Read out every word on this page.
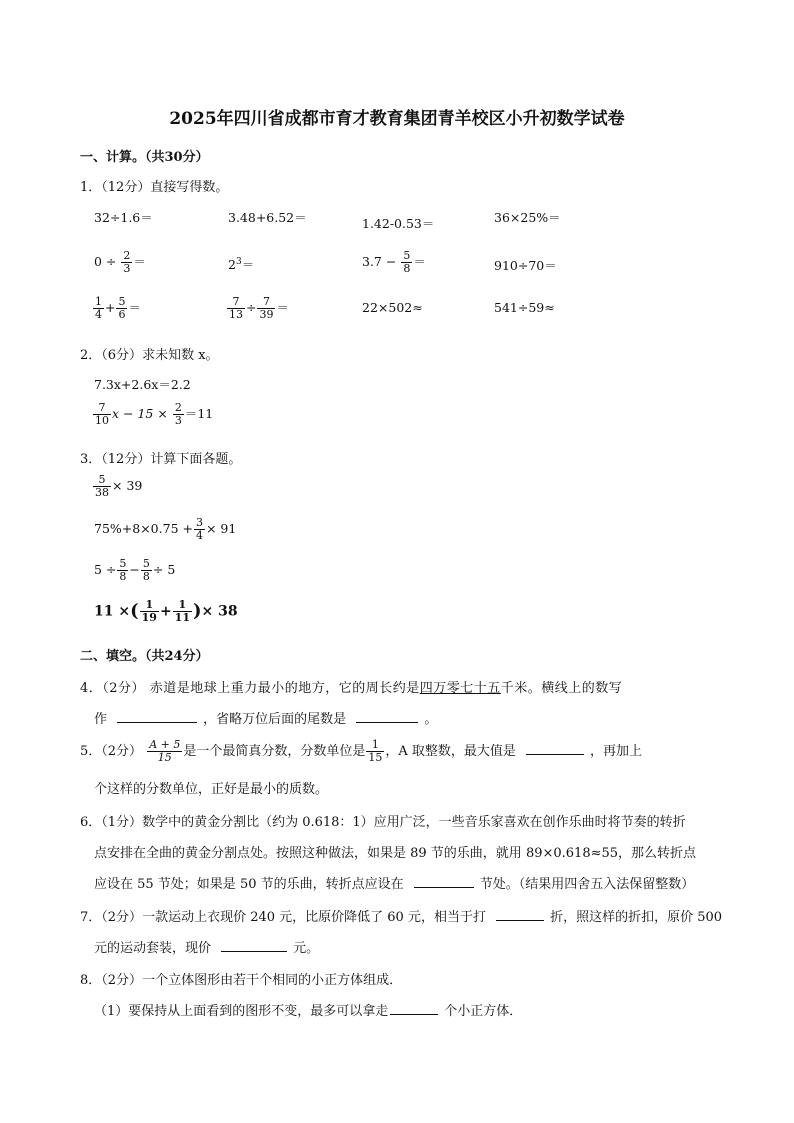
2025年四川省成都市育才教育集团青羊校区小升初数学试卷
一、计算。（共30分）
1．（12分）直接写得数。
32÷1.6＝	3.48+6.52＝	1.42-0.53＝	36×25%＝
$0 \div \frac{2}{3}$ ＝	$2^3=$	$3.7 - \frac{5}{8}$ ＝	910÷70＝
$\frac{1}{4} + \frac{5}{6}$ ＝	$\frac{7}{13} \div \frac{7}{39}$ ＝	22×502≈	541÷59≈
2．（6分）求未知数 x。
7.3x+2.6x＝2.2
$\frac{7}{10}$ $x - 15 \times \frac{2}{3} =11$
3．（12分）计算下面各题。
$\frac{5}{38} \times 39$
$75\%+8\times 0.75 + \frac{3}{4} \times 91$
$5 \div \frac{5}{8} - \frac{5}{8} \div 5$
11 ×( $\frac{1}{19} + \frac{1}{11}$ )× 38
二、填空。（共24分）
4．（2分） 赤道是地球上重力最小的地方，它的周长约是四万零七十五千米。横线上的数写
作	，省略万位后面的尾数是	。
5．（2分） $\frac{A + 5}{15}$ 是一个最简真分数，分数单位是 $\frac{1}{15}$ ，A 取整数，最大值是	，再加上
个这样的分数单位，正好是最小的质数。
6．（1分）数学中的黄金分割比（约为 0.618：1）应用广泛，一些音乐家喜欢在创作乐曲时将节奏的转折
点安排在全曲的黄金分割点处。按照这种做法，如果是 89 节的乐曲，就用 89×0.618≈55，那么转折点
应设在 55 节处；如果是 50 节的乐曲，转折点应设在	节处。（结果用四舍五入法保留整数）
7．（2分）一款运动上衣现价 240 元，比原价降低了 60 元，相当于打	折，照这样的折扣，原价 500
元的运动套装，现价	元。
8．（2分）一个立体图形由若干个相同的小正方体组成．
（1）要保持从上面看到的图形不变，最多可以拿走	个小正方体．
